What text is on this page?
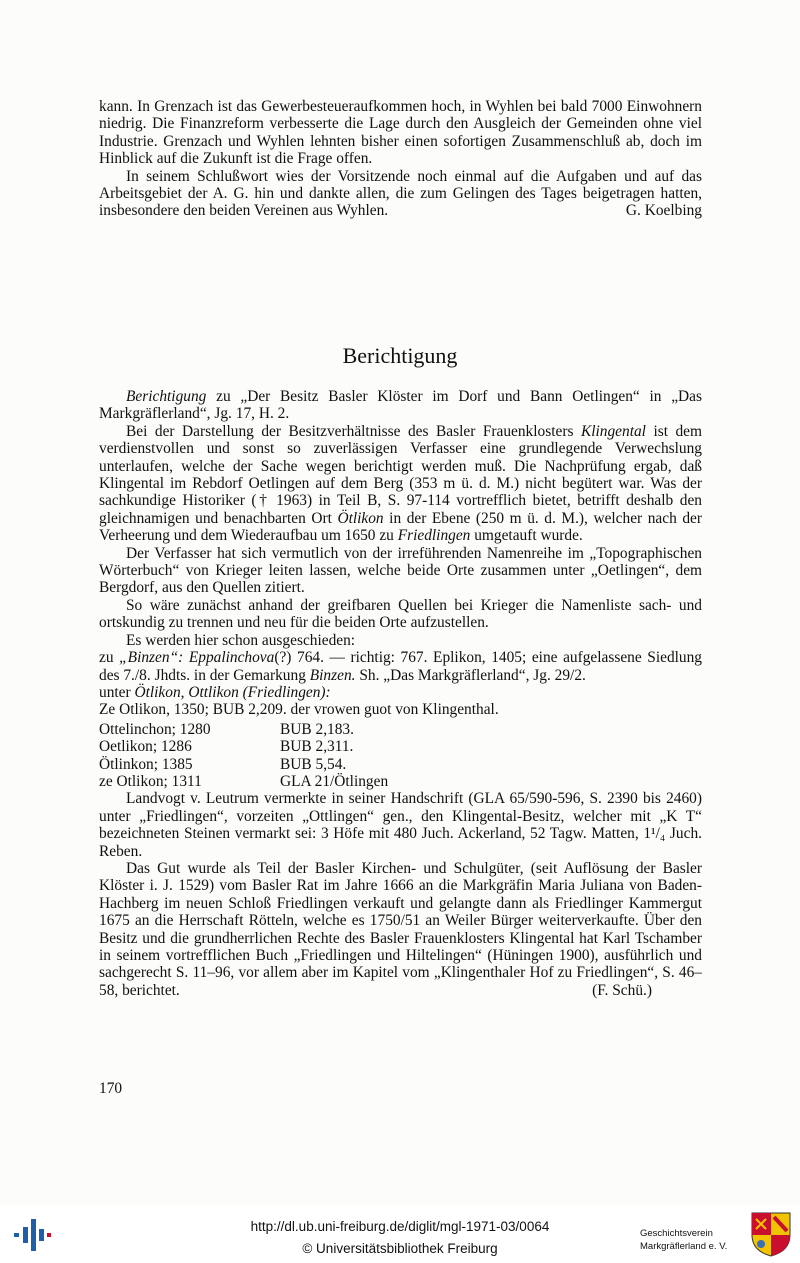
kann. In Grenzach ist das Gewerbesteueraufkommen hoch, in Wyhlen bei bald 7000 Einwohnern niedrig. Die Finanzreform verbesserte die Lage durch den Ausgleich der Gemeinden ohne viel Industrie. Grenzach und Wyhlen lehnten bisher einen sofortigen Zusammenschluß ab, doch im Hinblick auf die Zukunft ist die Frage offen.

In seinem Schlußwort wies der Vorsitzende noch einmal auf die Aufgaben und auf das Arbeitsgebiet der A. G. hin und dankte allen, die zum Gelingen des Tages beigetragen hatten, insbesondere den beiden Vereinen aus Wyhlen.	G. Koelbing

Berichtigung

Berichtigung zu „Der Besitz Basler Klöster im Dorf und Bann Oetlingen“ in „Das Markgräflerland“, Jg. 17, H. 2.

Bei der Darstellung der Besitzverhältnisse des Basler Frauenklosters Klingental ist dem verdienstvollen und sonst so zuverlässigen Verfasser eine grundlegende Verwechslung unterlaufen, welche der Sache wegen berichtigt werden muß. Die Nachprüfung ergab, daß Klingental im Rebdorf Oetlingen auf dem Berg (353 m ü. d. M.) nicht begütert war. Was der sachkundige Historiker († 1963) in Teil B, S. 97-114 vortrefflich bietet, betrifft deshalb den gleichnamigen und benachbarten Ort Ötlikon in der Ebene (250 m ü. d. M.), welcher nach der Verheerung und dem Wiederaufbau um 1650 zu Friedlingen umgetauft wurde.

Der Verfasser hat sich vermutlich von der irreführenden Namenreihe im „Topographischen Wörterbuch“ von Krieger leiten lassen, welche beide Orte zusammen unter „Oetlingen“, dem Bergdorf, aus den Quellen zitiert.

So wäre zunächst anhand der greifbaren Quellen bei Krieger die Namenliste sach- und ortskundig zu trennen und neu für die beiden Orte aufzustellen.

Es werden hier schon ausgeschieden:

zu „Binzen“: Eppalinchova(?) 764. — richtig: 767. Eplikon, 1405; eine aufgelassene Siedlung des 7./8. Jhdts. in der Gemarkung Binzen. Sh. „Das Markgräflerland“, Jg. 29/2.

unter Ötlikon, Ottlikon (Friedlingen):

Ze Otlikon, 1350; BUB 2,209. der vrowen guot von Klingenthal.

Ottelinchon; 1280	BUB 2,183.
Oetlikon; 1286	BUB 2,311.
Ötlinkon; 1385	BUB 5,54.
ze Otlikon; 1311	GLA 21/Ötlingen

Landvogt v. Leutrum vermerkte in seiner Handschrift (GLA 65/590-596, S. 2390 bis 2460) unter „Friedlingen“, vorzeiten „Ottlingen“ gen., den Klingental-Besitz, welcher mit „K T“ bezeichneten Steinen vermarkt sei: 3 Höfe mit 480 Juch. Ackerland, 52 Tagw. Matten, 1¹/₄ Juch. Reben.

Das Gut wurde als Teil der Basler Kirchen- und Schulgüter, (seit Auflösung der Basler Klöster i. J. 1529) vom Basler Rat im Jahre 1666 an die Markgräfin Maria Juliana von Baden-Hachberg im neuen Schloß Friedlingen verkauft und gelangte dann als Friedlinger Kammergut 1675 an die Herrschaft Rötteln, welche es 1750/51 an Weiler Bürger weiterverkaufte. Über den Besitz und die grundherrlichen Rechte des Basler Frauenklosters Klingental hat Karl Tschamber in seinem vortrefflichen Buch „Friedlingen und Hiltelingen“ (Hüningen 1900), ausführlich und sachgerecht S. 11–96, vor allem aber im Kapitel vom „Klingenthaler Hof zu Friedlingen“, S. 46–58, berichtet.	(F. Schü.)

170
http://dl.ub.uni-freiburg.de/diglit/mgl-1971-03/0064
© Universitätsbibliothek Freiburg
Geschichtsverein
Markgräflerland e. V.
